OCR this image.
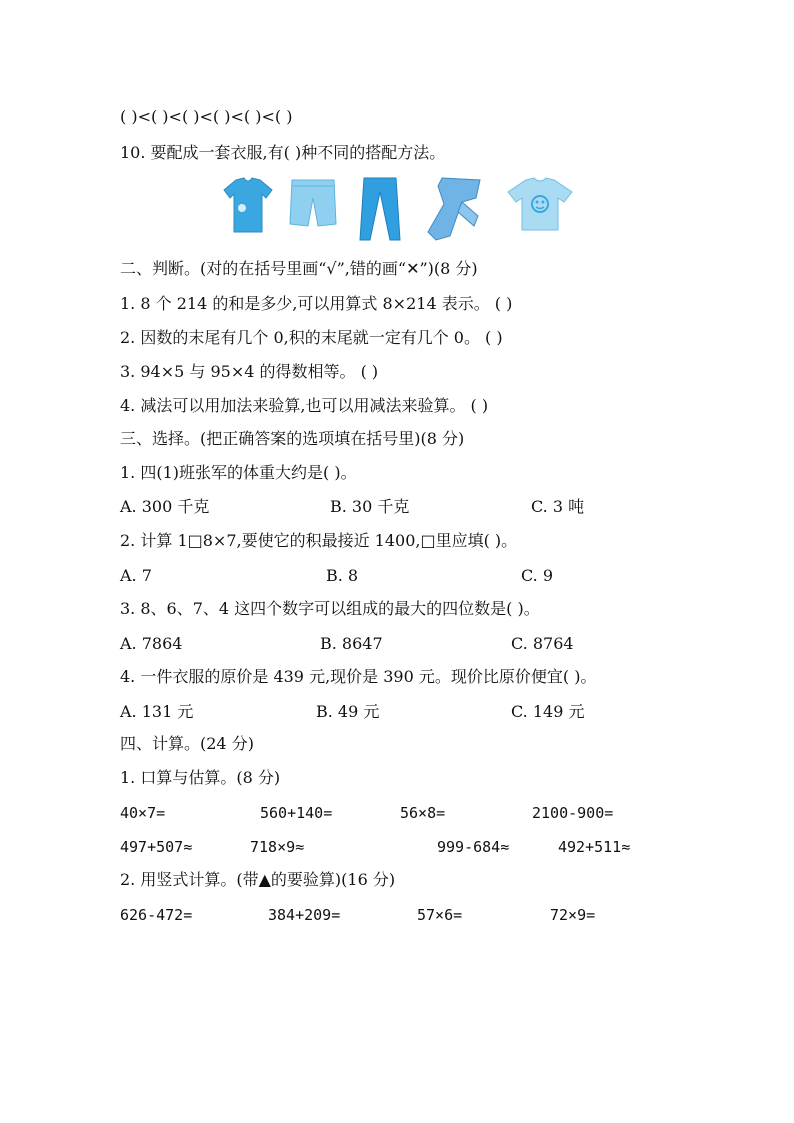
( )<( )<( )<( )<( )<( )
10. 要配成一套衣服,有( )种不同的搭配方法。
二、判断。(对的在括号里画“√”,错的画“✕”)(8 分)
1. 8 个 214 的和是多少,可以用算式 8×214 表示。 ( )
2. 因数的末尾有几个 0,积的末尾就一定有几个 0。 ( )
3. 94×5 与 95×4 的得数相等。 ( )
4. 减法可以用加法来验算,也可以用减法来验算。 ( )
三、选择。(把正确答案的选项填在括号里)(8 分)
1. 四(1)班张军的体重大约是( )。
A. 300 千克	B. 30 千克	C. 3 吨
2. 计算 1□8×7,要使它的积最接近 1400,□里应填( )。
A. 7	B. 8	C. 9
3. 8、6、7、4 这四个数字可以组成的最大的四位数是( )。
A. 7864	B. 8647	C. 8764
4. 一件衣服的原价是 439 元,现价是 390 元。现价比原价便宜( )。
A. 131 元	B. 49 元	C. 149 元
四、计算。(24 分)
1. 口算与估算。(8 分)
40×7=	560+140=	56×8=	2100-900=
497+507≈	718×9≈	999-684≈	492+511≈
2. 用竖式计算。(带▲的要验算)(16 分)
626-472=	384+209=	57×6=	72×9=
